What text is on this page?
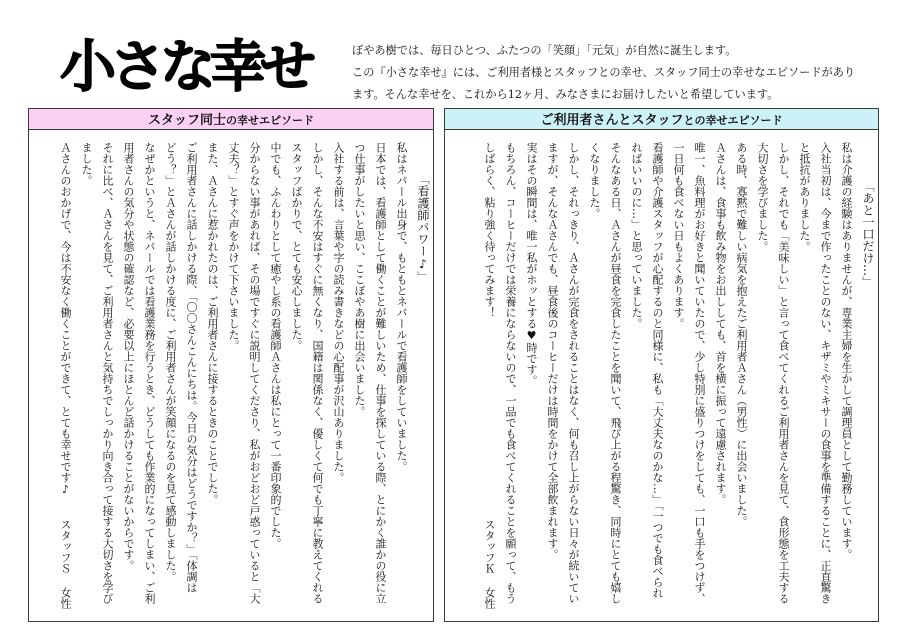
小さな幸せ	ぼやあ樹では、毎日ひとつ、ふたつの「笑顔」「元気」が自然に誕生します。
この『小さな幸せ』には、ご利用者様とスタッフとの幸せ、スタッフ同士の幸せなエピソードがあり
ます。そんな幸せを、これから12ヶ月、みなさまにお届けしたいと希望しています。
スタッフ同士の幸せエピソード
「看護師パワー♪」
私はネパール出身で、もともとネパールで看護師をしていました。
日本では、看護師として働くことが難しいため、仕事を探している際、とにかく誰かの役に立
つ仕事がしたいと思い、ここぼやあ樹に出会いました。
入社する前は、言葉や字の読み書きなどの心配事が沢山ありました。
しかし、そんな不安はすぐに無くなり、国籍は関係なく、優しくて何でも丁寧に教えてくれる
スタッフばかりで、とても安心しました。
中でも、ふんわりとして癒やし系の看護師Ａさんは私にとって一番印象的でした。
分からない事があれば、その場ですぐに説明してくださり、私がおどおど戸惑っていると「大
丈夫？」とすぐ声をかけて下さいました。
また、Ａさんに惹かれたのは、ご利用者さんに接するときのことでした。
ご利用者さんに話しかける際、「〇〇さんこんにちは。今日の気分はどうですか？」「体調は
どう？」とＡさんが話しかける度に、ご利用者さんが笑顔になるのを見て感動しました。
なぜかというと、ネパールでは看護業務を行うとき、どうしても作業的になってしまい、ご利
用者さんの気分や状態の確認など、必要以上にほとんど話かけることがないからです。
それに比べ、Ａさんを見て、ご利用者さんと気持ちでしっかり向き合って接する大切さを学び
ました。
Ａさんのおかげで、今は不安なく働くことができて、とても幸せです♪
スタッフＳ女性
ご利用者さんとスタッフとの幸せエピソード
「あと一口だけ…」
私は介護の経験はありませんが、専業主婦を生かして調理員として勤務しています。
入社当初は、今まで作ったことのない、キザミやミキサーの食事を準備することに、正直驚き
と抵抗がありました。
しかし、それでも「美味しい」と言って食べてくれるご利用者さんを見て、食形態を工夫する
大切さを学びました。
ある時、寡黙で難しい病気を抱えたご利用者Ａさん（男性）に出会いました。
Ａさんは、食事も飲み物をお出ししても、首を横に振って遠慮されます。
唯一、魚料理がお好きと聞いていたので、少し特別に盛りつけをしても、一口も手をつけず、
一日何も食べない日もよくあります。
看護師や介護スタッフが心配するのと同様に、私も「大丈夫なのかな…」「一つでも食べられ
ればいいのに…」と思っていました。
そんなある日、Ａさんが昼食を完食したことを聞いて、飛び上がる程驚き、同時にとても嬉し
くなりました。
しかし、それっきり、Ａさんが完食をされることはなく、何も召し上がらない日々が続いてい
ますが、そんなＡさんでも、昼食後のコーヒーだけは時間をかけて全部飲まれます。
実はその瞬間は、唯一私がホッとする♥時です。
もちろん、コーヒーだけでは栄養にならないので、一品でも食べてくれることを願って、もう
しばらく、粘り強く待ってみます！
スタッフＫ女性
